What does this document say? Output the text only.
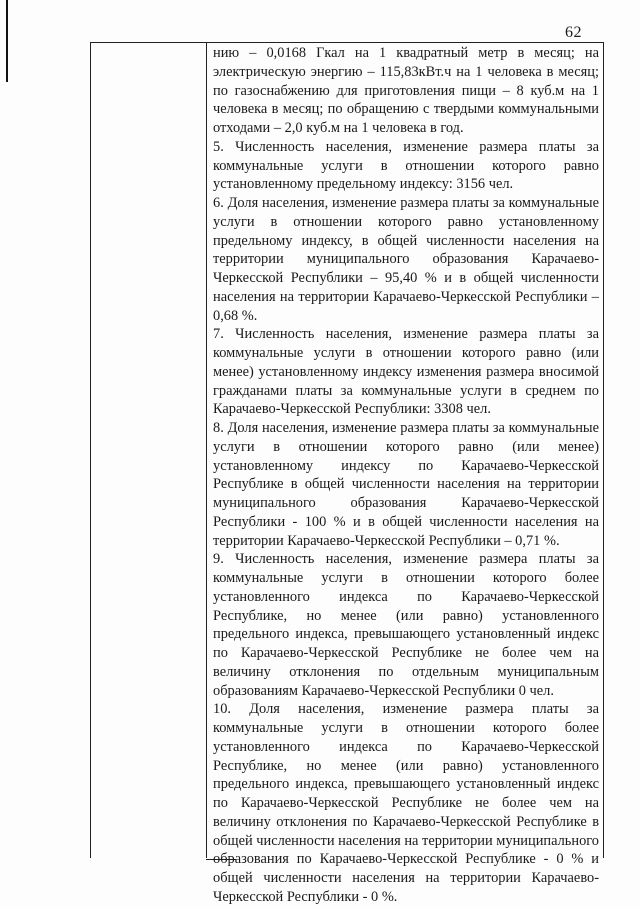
62

нию – 0,0168 Гкал на 1 квадратный метр в месяц; на электрическую энергию – 115,83кВт.ч на 1 человека в месяц; по газоснабжению для приготовления пищи – 8 куб.м на 1 человека в месяц; по обращению с твердыми коммунальными отходами – 2,0 куб.м на 1 человека в год.

5. Численность населения, изменение размера платы за коммунальные услуги в отношении которого равно установленному предельному индексу: 3156 чел.

6. Доля населения, изменение размера платы за коммунальные услуги в отношении которого равно установленному предельному индексу, в общей численности населения на территории муниципального образования Карачаево-Черкесской Республики – 95,40 % и в общей численности населения на территории Карачаево-Черкесской Республики – 0,68 %.

7. Численность населения, изменение размера платы за коммунальные услуги в отношении которого равно (или менее) установленному индексу изменения размера вносимой гражданами платы за коммунальные услуги в среднем по Карачаево-Черкесской Республики: 3308 чел.

8. Доля населения, изменение размера платы за коммунальные услуги в отношении которого равно (или менее) установленному индексу по Карачаево-Черкесской Республике в общей численности населения на территории муниципального образования Карачаево-Черкесской Республики - 100 % и в общей численности населения на территории Карачаево-Черкесской Республики – 0,71 %.

9. Численность населения, изменение размера платы за коммунальные услуги в отношении которого более установленного индекса по Карачаево-Черкесской Республике, но менее (или равно) установленного предельного индекса, превышающего установленный индекс по Карачаево-Черкесской Республике не более чем на величину отклонения по отдельным муниципальным образованиям Карачаево-Черкесской Республики 0 чел.

10. Доля населения, изменение размера платы за коммунальные услуги в отношении которого более установленного индекса по Карачаево-Черкесской Республике, но менее (или равно) установленного предельного индекса, превышающего установленный индекс по Карачаево-Черкесской Республике не более чем на величину отклонения по Карачаево-Черкесской Республике в общей численности населения на территории муниципального образования по Карачаево-Черкесской Республике - 0 % и общей численности населения на территории Карачаево-Черкесской Республики - 0 %.
